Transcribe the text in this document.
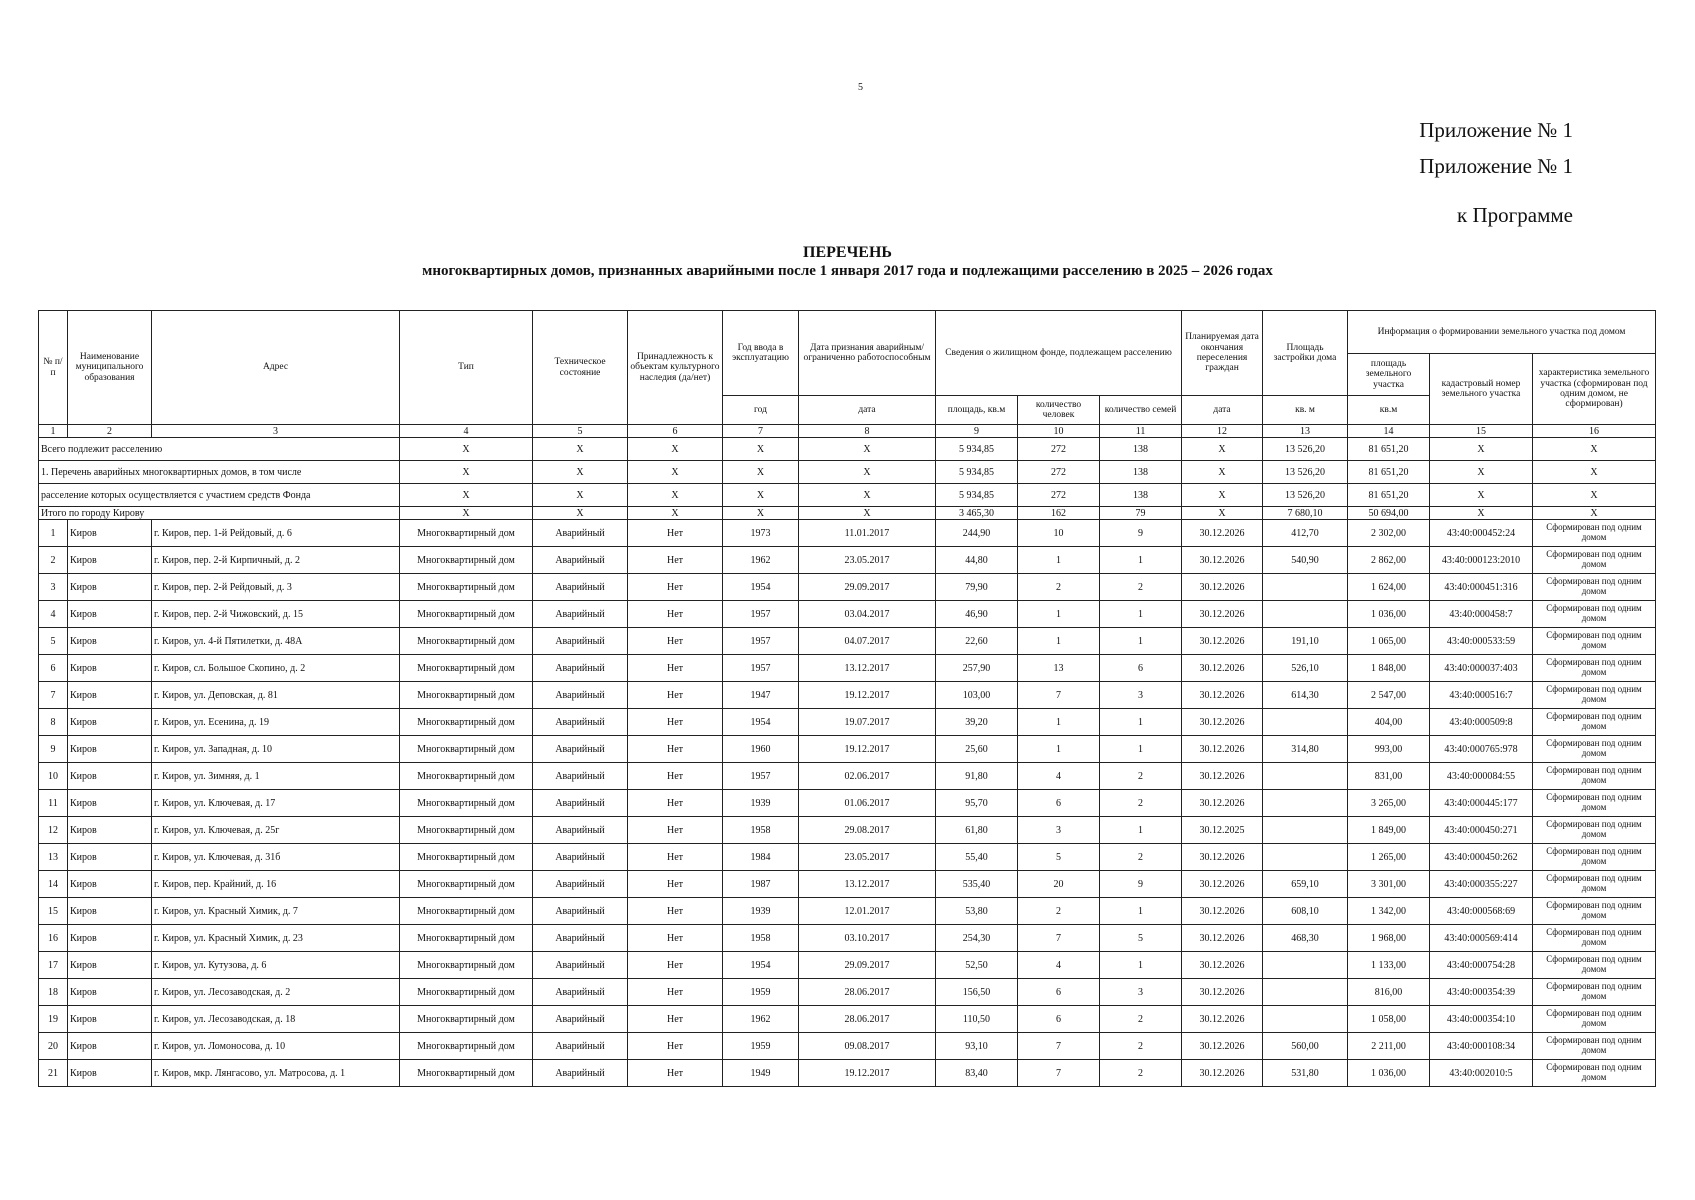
5
Приложение № 1
Приложение № 1
к Программе
ПЕРЕЧЕНЬ
многоквартирных домов, признанных аварийными после 1 января 2017 года и подлежащими расселению в 2025 – 2026 годах
№ п/п	Наименование муниципального образования	Адрес	Тип	Техническое состояние	Принадлежность к объектам культурного наследия (да/нет)	Год ввода в эксплуатацию	Дата признания аварийным/ограниченно работоспособным	Сведения о жилищном фонде, подлежащем расселению			Планируемая дата окончания переселения граждан	Площадь застройки дома	Информация о формировании земельного участка под домом		
													площадь земельного участка	кадастровый номер земельного участка	характеристика земельного участка (сформирован под одним домом, не сформирован)
						год	дата	площадь, кв.м	количество человек	количество семей	дата	кв. м	кв.м		
1	2	3	4	5	6	7	8	9	10	11	12	13	14	15	16
Всего подлежит расселению			X	X	X	X	X	5 934,85	272	138	X	13 526,20	81 651,20	X	X
1. Перечень аварийных многоквартирных домов, в том числе			X	X	X	X	X	5 934,85	272	138	X	13 526,20	81 651,20	X	X
расселение которых осуществляется с участием средств Фонда			X	X	X	X	X	5 934,85	272	138	X	13 526,20	81 651,20	X	X
Итого по городу Кирову			X	X	X	X	X	3 465,30	162	79	X	7 680,10	50 694,00	X	X
1	Киров	г. Киров, пер. 1-й Рейдовый, д. 6	Многоквартирный дом	Аварийный	Нет	1973	11.01.2017	244,90	10	9	30.12.2026	412,70	2 302,00	43:40:000452:24	Сформирован под одним домом
2	Киров	г. Киров, пер. 2-й Кирпичный, д. 2	Многоквартирный дом	Аварийный	Нет	1962	23.05.2017	44,80	1	1	30.12.2026	540,90	2 862,00	43:40:000123:2010	Сформирован под одним домом
3	Киров	г. Киров, пер. 2-й Рейдовый, д. 3	Многоквартирный дом	Аварийный	Нет	1954	29.09.2017	79,90	2	2	30.12.2026		1 624,00	43:40:000451:316	Сформирован под одним домом
4	Киров	г. Киров, пер. 2-й Чижовский, д. 15	Многоквартирный дом	Аварийный	Нет	1957	03.04.2017	46,90	1	1	30.12.2026		1 036,00	43:40:000458:7	Сформирован под одним домом
5	Киров	г. Киров, ул. 4-й Пятилетки, д. 48А	Многоквартирный дом	Аварийный	Нет	1957	04.07.2017	22,60	1	1	30.12.2026	191,10	1 065,00	43:40:000533:59	Сформирован под одним домом
6	Киров	г. Киров, сл. Большое Скопино, д. 2	Многоквартирный дом	Аварийный	Нет	1957	13.12.2017	257,90	13	6	30.12.2026	526,10	1 848,00	43:40:000037:403	Сформирован под одним домом
7	Киров	г. Киров, ул. Деповская, д. 81	Многоквартирный дом	Аварийный	Нет	1947	19.12.2017	103,00	7	3	30.12.2026	614,30	2 547,00	43:40:000516:7	Сформирован под одним домом
8	Киров	г. Киров, ул. Есенина, д. 19	Многоквартирный дом	Аварийный	Нет	1954	19.07.2017	39,20	1	1	30.12.2026		404,00	43:40:000509:8	Сформирован под одним домом
9	Киров	г. Киров, ул. Западная, д. 10	Многоквартирный дом	Аварийный	Нет	1960	19.12.2017	25,60	1	1	30.12.2026	314,80	993,00	43:40:000765:978	Сформирован под одним домом
10	Киров	г. Киров, ул. Зимняя, д. 1	Многоквартирный дом	Аварийный	Нет	1957	02.06.2017	91,80	4	2	30.12.2026		831,00	43:40:000084:55	Сформирован под одним домом
11	Киров	г. Киров, ул. Ключевая, д. 17	Многоквартирный дом	Аварийный	Нет	1939	01.06.2017	95,70	6	2	30.12.2026		3 265,00	43:40:000445:177	Сформирован под одним домом
12	Киров	г. Киров, ул. Ключевая, д. 25г	Многоквартирный дом	Аварийный	Нет	1958	29.08.2017	61,80	3	1	30.12.2025		1 849,00	43:40:000450:271	Сформирован под одним домом
13	Киров	г. Киров, ул. Ключевая, д. 31б	Многоквартирный дом	Аварийный	Нет	1984	23.05.2017	55,40	5	2	30.12.2026		1 265,00	43:40:000450:262	Сформирован под одним домом
14	Киров	г. Киров, пер. Крайний, д. 16	Многоквартирный дом	Аварийный	Нет	1987	13.12.2017	535,40	20	9	30.12.2026	659,10	3 301,00	43:40:000355:227	Сформирован под одним домом
15	Киров	г. Киров, ул. Красный Химик, д. 7	Многоквартирный дом	Аварийный	Нет	1939	12.01.2017	53,80	2	1	30.12.2026	608,10	1 342,00	43:40:000568:69	Сформирован под одним домом
16	Киров	г. Киров, ул. Красный Химик, д. 23	Многоквартирный дом	Аварийный	Нет	1958	03.10.2017	254,30	7	5	30.12.2026	468,30	1 968,00	43:40:000569:414	Сформирован под одним домом
17	Киров	г. Киров, ул. Кутузова, д. 6	Многоквартирный дом	Аварийный	Нет	1954	29.09.2017	52,50	4	1	30.12.2026		1 133,00	43:40:000754:28	Сформирован под одним домом
18	Киров	г. Киров, ул. Лесозаводская, д. 2	Многоквартирный дом	Аварийный	Нет	1959	28.06.2017	156,50	6	3	30.12.2026		816,00	43:40:000354:39	Сформирован под одним домом
19	Киров	г. Киров, ул. Лесозаводская, д. 18	Многоквартирный дом	Аварийный	Нет	1962	28.06.2017	110,50	6	2	30.12.2026		1 058,00	43:40:000354:10	Сформирован под одним домом
20	Киров	г. Киров, ул. Ломоносова, д. 10	Многоквартирный дом	Аварийный	Нет	1959	09.08.2017	93,10	7	2	30.12.2026	560,00	2 211,00	43:40:000108:34	Сформирован под одним домом
21	Киров	г. Киров, мкр. Лянгасово, ул. Матросова, д. 1	Многоквартирный дом	Аварийный	Нет	1949	19.12.2017	83,40	7	2	30.12.2026	531,80	1 036,00	43:40:002010:5	Сформирован под одним домом
